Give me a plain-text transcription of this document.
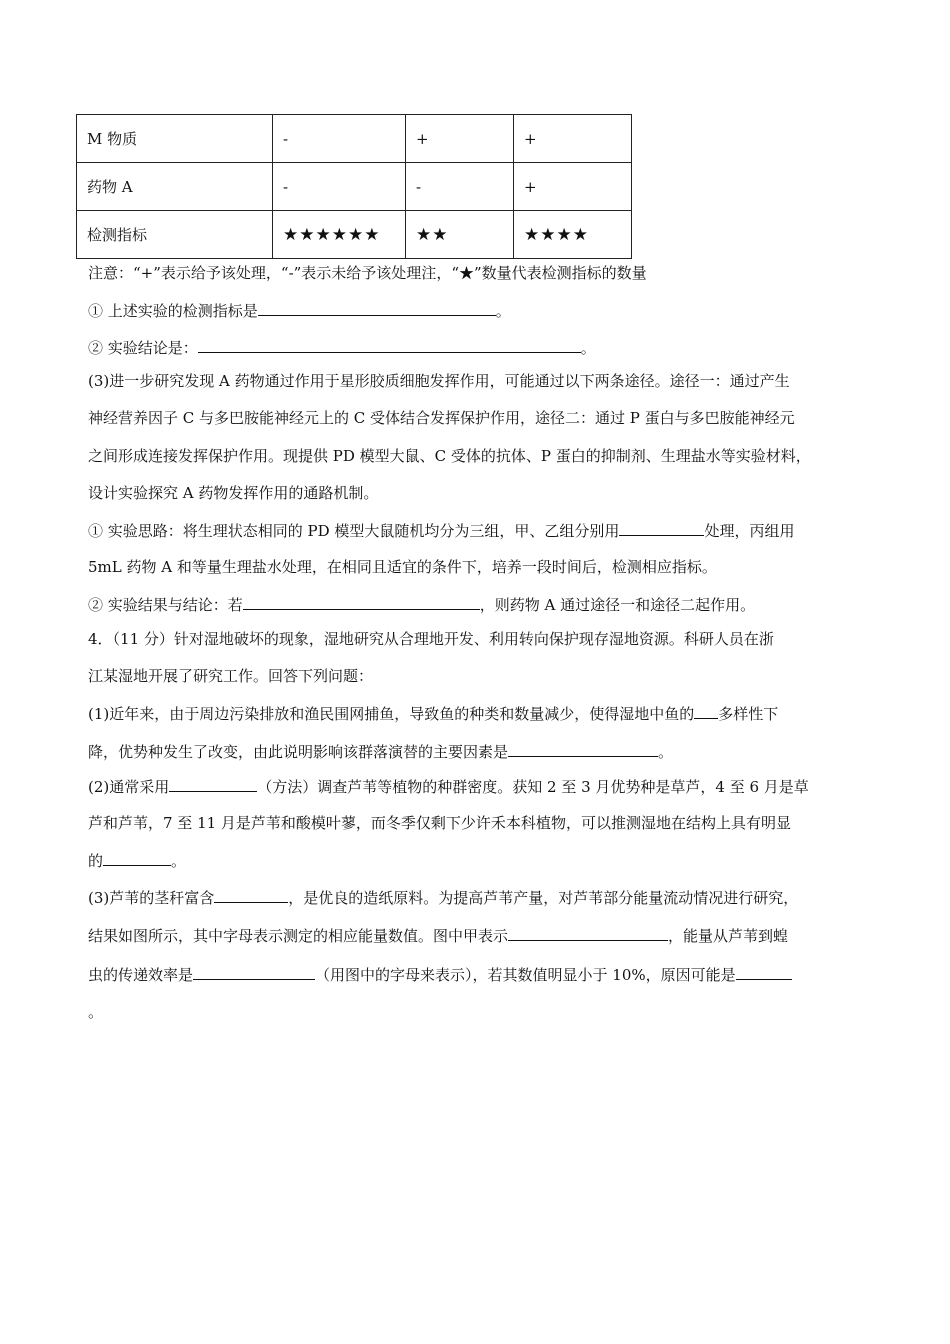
M 物质	-	+	+
药物 A	-	-	+
检测指标	★★★★★★	★★	★★★★
注意：“+”表示给予该处理，“-”表示未给予该处理注，“★”数量代表检测指标的数量
① 上述实验的检测指标是	。
② 实验结论是：	。
(3)进一步研究发现 A 药物通过作用于星形胶质细胞发挥作用，可能通过以下两条途径。途径一：通过产生
神经营养因子 C 与多巴胺能神经元上的 C 受体结合发挥保护作用，途径二：通过 P 蛋白与多巴胺能神经元
之间形成连接发挥保护作用。现提供 PD 模型大鼠、C 受体的抗体、P 蛋白的抑制剂、生理盐水等实验材料，
设计实验探究 A 药物发挥作用的通路机制。
① 实验思路：将生理状态相同的 PD 模型大鼠随机均分为三组，甲、乙组分别用	处理，丙组用
5mL 药物 A 和等量生理盐水处理，在相同且适宜的条件下，培养一段时间后，检测相应指标。
② 实验结果与结论：若	，则药物 A 通过途径一和途径二起作用。
4．（11 分）针对湿地破坏的现象，湿地研究从合理地开发、利用转向保护现存湿地资源。科研人员在浙
江某湿地开展了研究工作。回答下列问题：
(1)近年来，由于周边污染排放和渔民围网捕鱼，导致鱼的种类和数量减少，使得湿地中鱼的 多样性下
降，优势种发生了改变，由此说明影响该群落演替的主要因素是	。
(2)通常采用	（方法）调查芦苇等植物的种群密度。获知 2 至 3 月优势种是草芦，4 至 6 月是草
芦和芦苇，7 至 11 月是芦苇和酸模叶蓼，而冬季仅剩下少许禾本科植物，可以推测湿地在结构上具有明显
的	。
(3)芦苇的茎秆富含	，是优良的造纸原料。为提高芦苇产量，对芦苇部分能量流动情况进行研究，
结果如图所示，其中字母表示测定的相应能量数值。图中甲表示	，能量从芦苇到蝗
虫的传递效率是	（用图中的字母来表示），若其数值明显小于 10%，原因可能是
。
